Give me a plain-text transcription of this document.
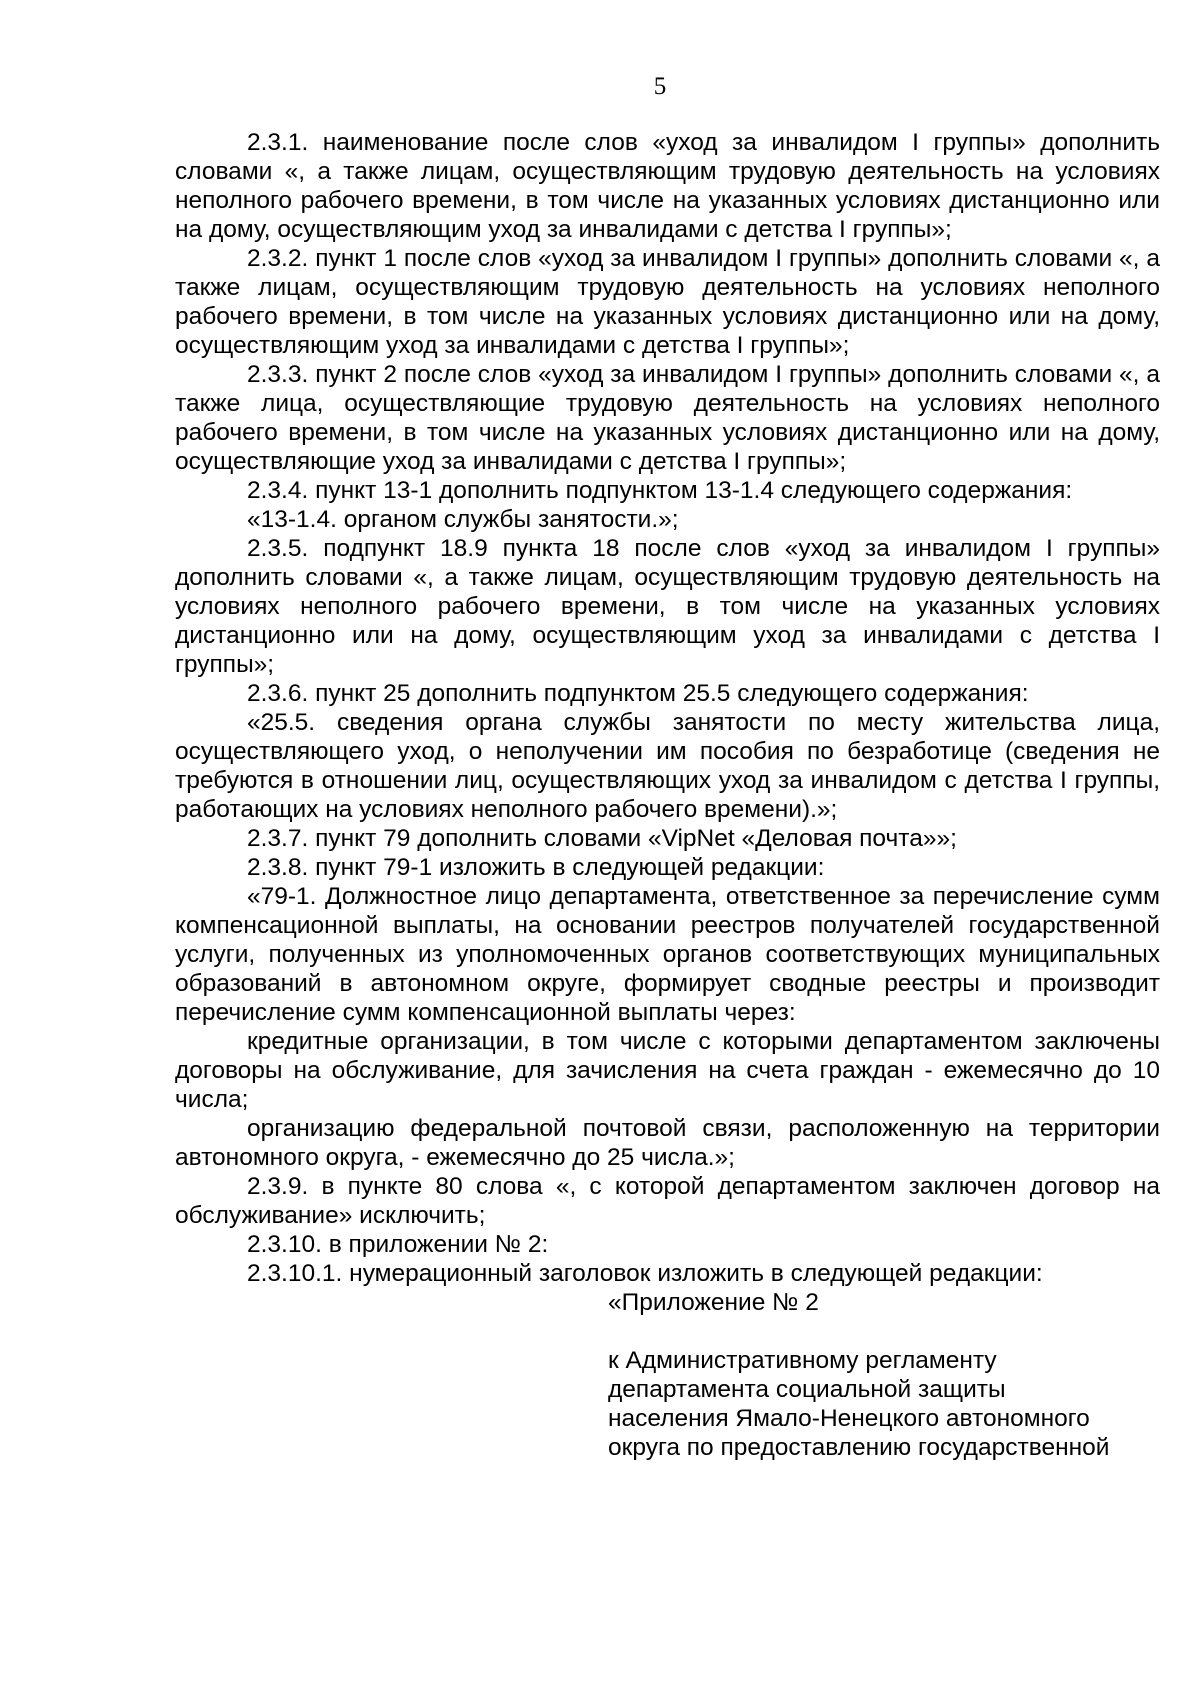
5

2.3.1. наименование после слов «уход за инвалидом I группы» дополнить словами «, а также лицам, осуществляющим трудовую деятельность на условиях неполного рабочего времени, в том числе на указанных условиях дистанционно или на дому, осуществляющим уход за инвалидами с детства I группы»;

2.3.2. пункт 1 после слов «уход за инвалидом I группы» дополнить словами «, а также лицам, осуществляющим трудовую деятельность на условиях неполного рабочего времени, в том числе на указанных условиях дистанционно или на дому, осуществляющим уход за инвалидами с детства I группы»;

2.3.3. пункт 2 после слов «уход за инвалидом I группы» дополнить словами «, а также лица, осуществляющие трудовую деятельность на условиях неполного рабочего времени, в том числе на указанных условиях дистанционно или на дому, осуществляющие уход за инвалидами с детства I группы»;

2.3.4. пункт 13-1 дополнить подпунктом 13-1.4 следующего содержания:

«13-1.4. органом службы занятости.»;

2.3.5. подпункт 18.9 пункта 18 после слов «уход за инвалидом I группы» дополнить словами «, а также лицам, осуществляющим трудовую деятельность на условиях неполного рабочего времени, в том числе на указанных условиях дистанционно или на дому, осуществляющим уход за инвалидами с детства I группы»;

2.3.6. пункт 25 дополнить подпунктом 25.5 следующего содержания:

«25.5. сведения органа службы занятости по месту жительства лица, осуществляющего уход, о неполучении им пособия по безработице (сведения не требуются в отношении лиц, осуществляющих уход за инвалидом с детства I группы, работающих на условиях неполного рабочего времени).»;

2.3.7. пункт 79 дополнить словами «VipNet «Деловая почта»»;

2.3.8. пункт 79-1 изложить в следующей редакции:

«79-1. Должностное лицо департамента, ответственное за перечисление сумм компенсационной выплаты, на основании реестров получателей государственной услуги, полученных из уполномоченных органов соответствующих муниципальных образований в автономном округе, формирует сводные реестры и производит перечисление сумм компенсационной выплаты через:

кредитные организации, в том числе с которыми департаментом заключены договоры на обслуживание, для зачисления на счета граждан - ежемесячно до 10 числа;

организацию федеральной почтовой связи, расположенную на территории автономного округа, - ежемесячно до 25 числа.»;

2.3.9. в пункте 80 слова «, с которой департаментом заключен договор на обслуживание» исключить;

2.3.10. в приложении № 2:

2.3.10.1. нумерационный заголовок изложить в следующей редакции:

«Приложение № 2

к Административному регламенту
департамента социальной защиты
населения Ямало-Ненецкого автономного
округа по предоставлению государственной
